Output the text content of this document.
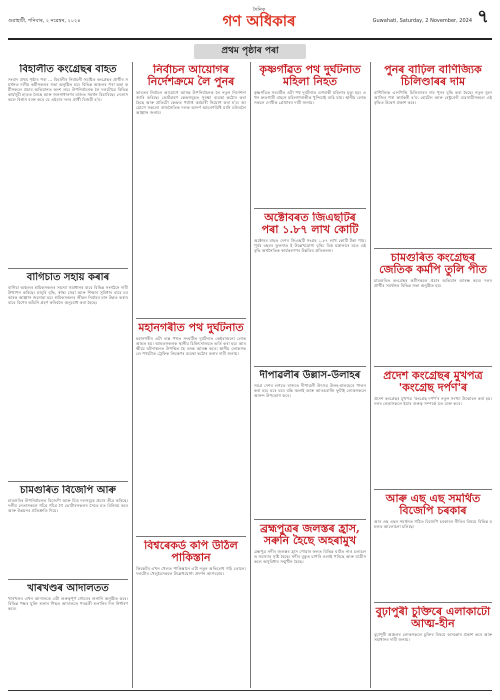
গুৱাহাটী, শনিবাৰ, ২ নৱেম্বৰ, ২০২৪
দৈনিক
গণ অধিকাৰ	Guwahati, Saturday, 2 November, 2024 ৭
প্ৰথম পৃষ্ঠাৰ পৰা
বিহালীত কংগ্ৰেছৰ বাহত
সংবাদ প্ৰথম পৃষ্ঠাৰ পৰা ... বিহালীৰ নিৰ্বাচনী সমষ্টিত কংগ্ৰেছৰ প্ৰাৰ্থীৰ সমৰ্থনত দলীয় কৰ্মীসকলৰ সভা অনুষ্ঠিত হয়। বিভিন্ন অঞ্চলৰ পৰা অহা কৰ্মীসকলে প্ৰচাৰ অভিযানত অংশ লয়। উপনিৰ্বাচনক লৈ দলটোৱে বিভিন্ন কাৰ্যসূচী হাতত লৈছে আৰু জনসাধাৰণৰ মাজত সমৰ্থন বিচাৰিছে। নেতাসকলে বিশ্বাস ব্যক্ত কৰে যে এইবাৰ দলৰ প্ৰাৰ্থী বিজয়ী হ'ব।
বাগিচাত সহায় কৰাৰ
বাগিচা অঞ্চলৰ শ্ৰমিকসকলৰ সমস্যা সমাধানৰ বাবে বিভিন্ন সংগঠনে দাবী উত্থাপন কৰিছে। মজুৰি বৃদ্ধি, স্বাস্থ্য সেৱা আৰু শিক্ষাৰ সুবিধাৰ বাবে চৰকাৰক আহ্বান জনোৱা হয়। শ্ৰমিকসকলৰ জীৱন নিৰ্বাহৰ মান উন্নত কৰাৰ বাবে বিশেষ আঁচনি গ্ৰহণ কৰিবলৈ অনুৰোধ কৰা হৈছে।
চামগুৰিত বিজেপি আৰু
চামগুৰিৰ উপনিৰ্বাচনত বিজেপি আৰু মিত্ৰ দলসমূহে প্ৰচাৰ তীব্ৰ কৰিছে। দলীয় নেতাসকলে গাঁৱে গাঁৱে গৈ ভোটাৰসকলৰ সৈতে মত বিনিময় কৰে আৰু উন্নয়নৰ প্ৰতিশ্ৰুতি দিয়ে।
খাৰখণ্ডৰ আদালতত
খাৰখণ্ডৰ এখন আদালতে এটা গুৰুত্বপূৰ্ণ গোচৰৰ শুনানি অনুষ্ঠিত কৰে। বিভিন্ন পক্ষৰ যুক্তি শুনাৰ পিছত আদালতে পৰৱৰ্তী শুনানিৰ দিন নিৰ্ধাৰণ কৰে।
নিৰ্বাচন আয়োগৰ নিৰ্দেশক্ৰমে লৈ পুনৰ
ভাৰতৰ নিৰ্বাচন আয়োগে আসন্ন উপনিৰ্বাচনক লৈ নতুন নিৰ্দেশনা জাৰি কৰিছে। ভোটগ্ৰহণ কেন্দ্ৰসমূহত সুৰক্ষা ব্যৱস্থা কঠোৰ কৰা হৈছে আৰু প্ৰতিটো কেন্দ্ৰত পৰ্যাপ্ত কৰ্মচাৰী নিয়োগ কৰা হ'ব। আয়োগে সকলো ৰাজনৈতিক দলক আদৰ্শ আচৰণবিধি মানি চলিবলৈ আহ্বান জনায়।
মহানগৰীত পথ দুৰ্ঘটনাত
মহানগৰীৰ এটা ব্যস্ত পথত সংঘটিত দুৰ্ঘটনাত কেইবাজনো লোক আহত হয়। আহতসকলক স্থানীয় চিকিৎসালয়ত ভৰ্তি কৰা হয়। আৰক্ষীয়ে ঘটনাস্থলত উপস্থিত হৈ তদন্ত আৰম্ভ কৰে। স্থানীয় লোকসকলে পথটোত ট্ৰেফিক নিয়ন্ত্ৰণৰ ব্যৱস্থা কঠোৰ কৰাৰ দাবী জনায়।
বিশ্বৰেকৰ্ড কপি উঠিল পাকিস্তান
ক্ৰিকেটৰ এখন খেলত পাকিস্তানে এটা নতুন অভিলেখ গঢ়ি তোলে। দলটোৰ খেলুৱৈসকলে উল্লেখযোগ্য প্ৰদৰ্শন আগবঢ়ায়।
কৃষ্ণগাঁৱত পথ দুৰ্ঘটনাত মহিলা নিহত
কৃষ্ণগাঁৱত সংঘটিত এটা পথ দুৰ্ঘটনাত এগৰাকী মহিলাৰ মৃত্যু হয়। এখন দ্ৰুতগামী বাহনে মহিলাগৰাকীক খুন্দিয়াই গুচি যায়। স্থানীয় লোকসকলে দোষীক গ্ৰেপ্তাৰৰ দাবী জনায়।
অক্টোবৰত জিএছটিৰ পৰা ১.৮৭ লাখ কোটি
অক্টোবৰ মাহত দেশৰ জিএছটি সংগ্ৰহ ১.৮৭ লাখ কোটি টকা পায়। পূৰ্বৰ বছৰৰ তুলনাত ই উল্লেখযোগ্য বৃদ্ধি। বিত্ত মন্ত্ৰালয়ৰ মতে এই বৃদ্ধি অৰ্থনৈতিক কাৰ্যকলাপৰ উন্নতিৰ প্ৰতিফলন।
দীপাৱলীৰ উল্লাস-উলাহৰ
সমগ্ৰ দেশৰ লগতে ৰাজ্যত দীপাৱলী উৎসৱ উলহ-মালহেৰে পালন কৰা হয়। ঘৰে ঘৰে বন্তি জ্বলাই আৰু আতচবাজি ফুটাই লোকসকলে আনন্দ উপভোগ কৰে।
ব্ৰহ্মপুত্ৰৰ জলস্তৰ হ্ৰাস, সৰুনি হৈছে অহৰামুখ
ব্ৰহ্মপুত্ৰ নদীৰ জলস্তৰ হ্ৰাস পোৱাৰ ফলত বিভিন্ন ঘাটত নাও চলাচলত সমস্যাৰ সৃষ্টি হৈছে। নদীৰ বুকুত চাপৰি ওলাই পৰিছে আৰু যাত্ৰীসকলে অসুবিধাৰ সন্মুখীন হৈছে।
পুনৰ বাঢ়িল বাণিজ্যিক চিলিণ্ডাৰৰ দাম
বাণিজ্যিক এলপিজি চিলিণ্ডাৰৰ দাম পুনৰ বৃদ্ধি কৰা হৈছে। নতুন মূল্য আজিৰ পৰা কাৰ্যকৰী হ'ব। হোটেল আৰু ৰেষ্টুৰেণ্ট ব্যৱসায়ীসকলে এই বৃদ্ধিত উদ্বেগ প্ৰকাশ কৰে।
চামগুৰিত কংগ্ৰেছৰ জেতিক কৰ্মপি তুলি পীত
চামগুৰিত কংগ্ৰেছৰ কৰ্মীসকলে প্ৰচাৰ অভিযান আৰম্ভ কৰে। দলৰ প্ৰাৰ্থীৰ সমৰ্থনত বিভিন্ন সভা অনুষ্ঠিত হয়।
প্ৰদেশ কংগ্ৰেছৰ মুখপত্ৰ 'কংগ্ৰেছ দৰ্পণ'ৰ
প্ৰদেশ কংগ্ৰেছৰ মুখপত্ৰ 'কংগ্ৰেছ দৰ্পণ'ৰ নতুন সংখ্যা উন্মোচন কৰা হয়। দলৰ নেতাসকলে ইয়াৰ গুৰুত্ব সম্পৰ্কে মত ব্যক্ত কৰে।
আৰু এছ এছ সমৰ্থিত বিজেপি চৰকাৰ
আৰ এছ এছৰ সমৰ্থনত গঠিত বিজেপি চৰকাৰৰ নীতিৰ বিষয়ে বিভিন্ন মহলত আলোচনা চলিছে।
বুঢ়াপুৰী চুক্তিৰে এলাকাটো আত্ম-হীন
বুঢ়াপুৰী অঞ্চলৰ লোকসকলে চুক্তিৰ বিষয়ে অসন্তোষ প্ৰকাশ কৰে আৰু সমাধানৰ দাবী জনায়।
